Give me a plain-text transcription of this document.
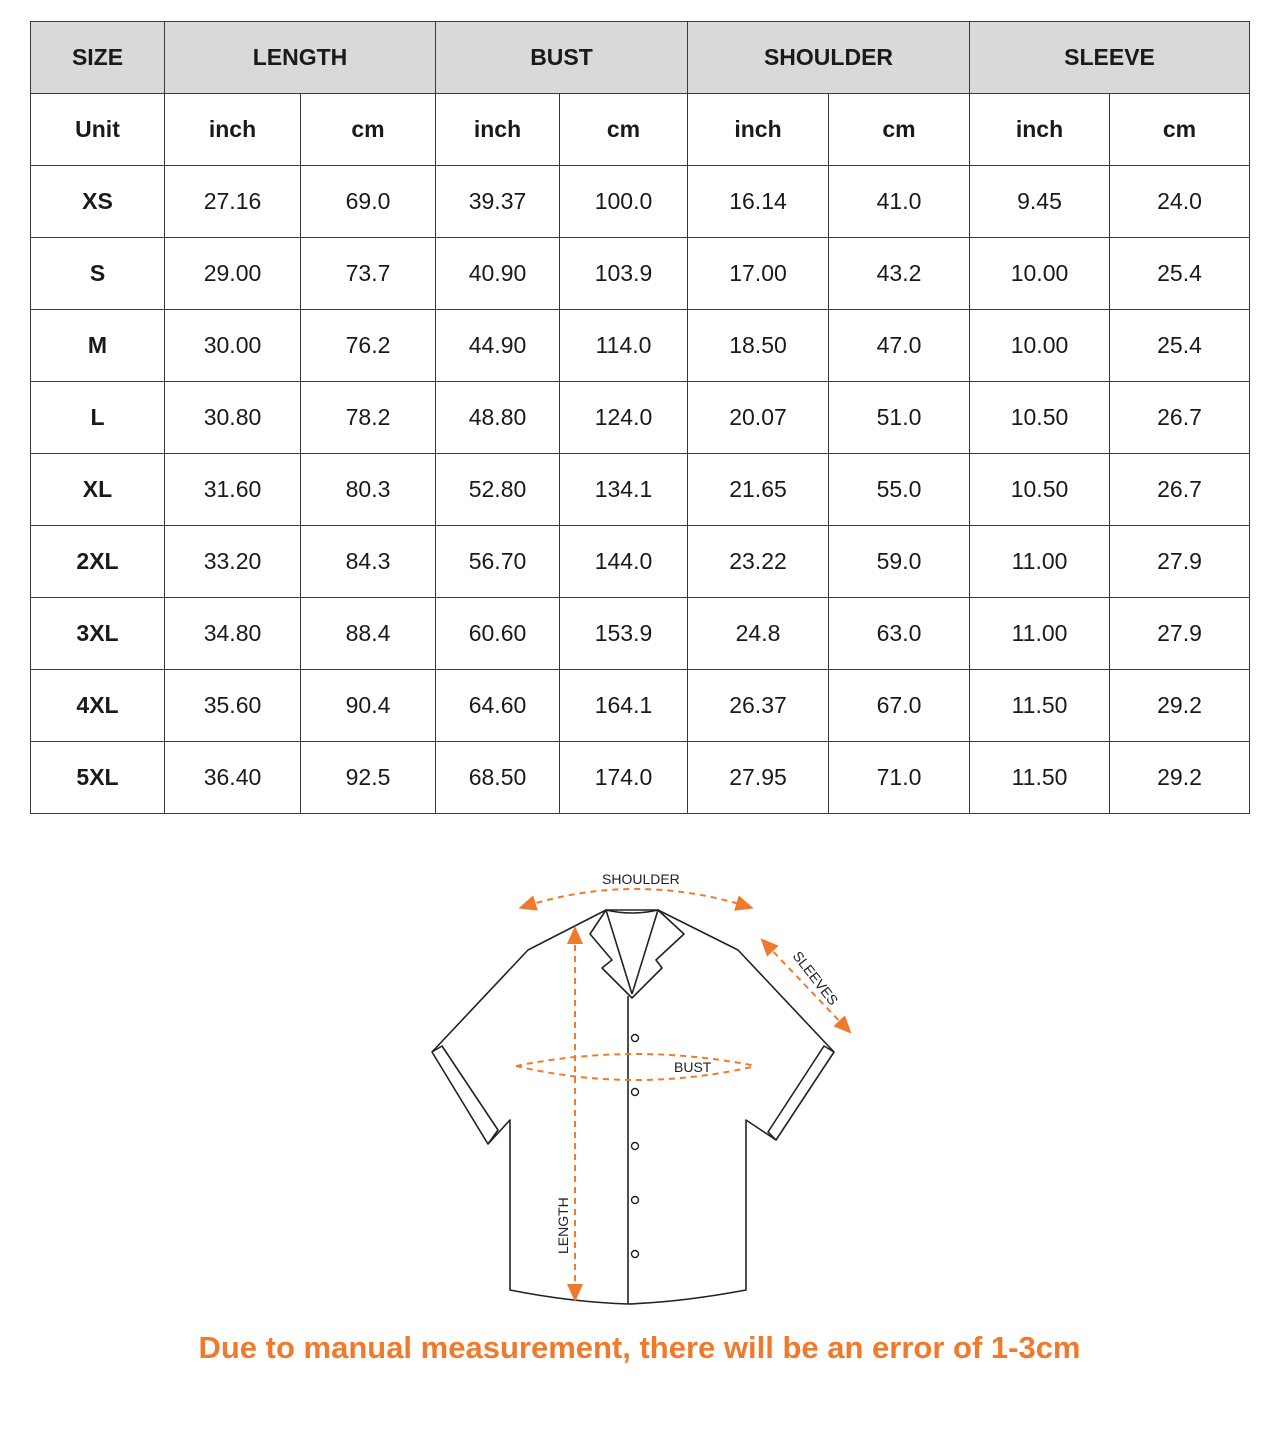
SIZE	LENGTH		BUST		SHOULDER		SLEEVE	
Unit	inch	cm	inch	cm	inch	cm	inch	cm
XS	27.16	69.0	39.37	100.0	16.14	41.0	9.45	24.0
S	29.00	73.7	40.90	103.9	17.00	43.2	10.00	25.4
M	30.00	76.2	44.90	114.0	18.50	47.0	10.00	25.4
L	30.80	78.2	48.80	124.0	20.07	51.0	10.50	26.7
XL	31.60	80.3	52.80	134.1	21.65	55.0	10.50	26.7
2XL	33.20	84.3	56.70	144.0	23.22	59.0	11.00	27.9
3XL	34.80	88.4	60.60	153.9	24.8	63.0	11.00	27.9
4XL	35.60	90.4	64.60	164.1	26.37	67.0	11.50	29.2
5XL	36.40	92.5	68.50	174.0	27.95	71.0	11.50	29.2
SHOULDER
SLEEVES
BUST
LENGTH
Due to manual measurement, there will be an error of 1-3cm
